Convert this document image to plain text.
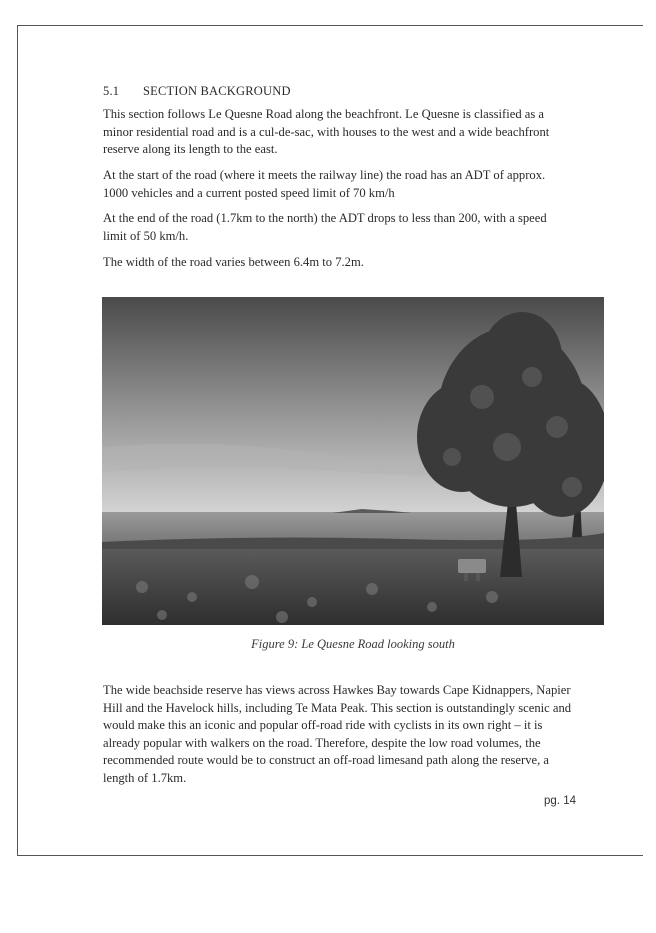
5.1 SECTION BACKGROUND

This section follows Le Quesne Road along the beachfront. Le Quesne is classified as a minor residential road and is a cul-de-sac, with houses to the west and a wide beachfront reserve along its length to the east.

At the start of the road (where it meets the railway line) the road has an ADT of approx. 1000 vehicles and a current posted speed limit of 70 km/h

At the end of the road (1.7km to the north) the ADT drops to less than 200, with a speed limit of 50 km/h.

The width of the road varies between 6.4m to 7.2m.

Figure 9: Le Quesne Road looking south

The wide beachside reserve has views across Hawkes Bay towards Cape Kidnappers, Napier Hill and the Havelock hills, including Te Mata Peak. This section is outstandingly scenic and would make this an iconic and popular off-road ride with cyclists in its own right – it is already popular with walkers on the road. Therefore, despite the low road volumes, the recommended route would be to construct an off-road limesand path along the reserve, a length of 1.7km.

pg. 14
